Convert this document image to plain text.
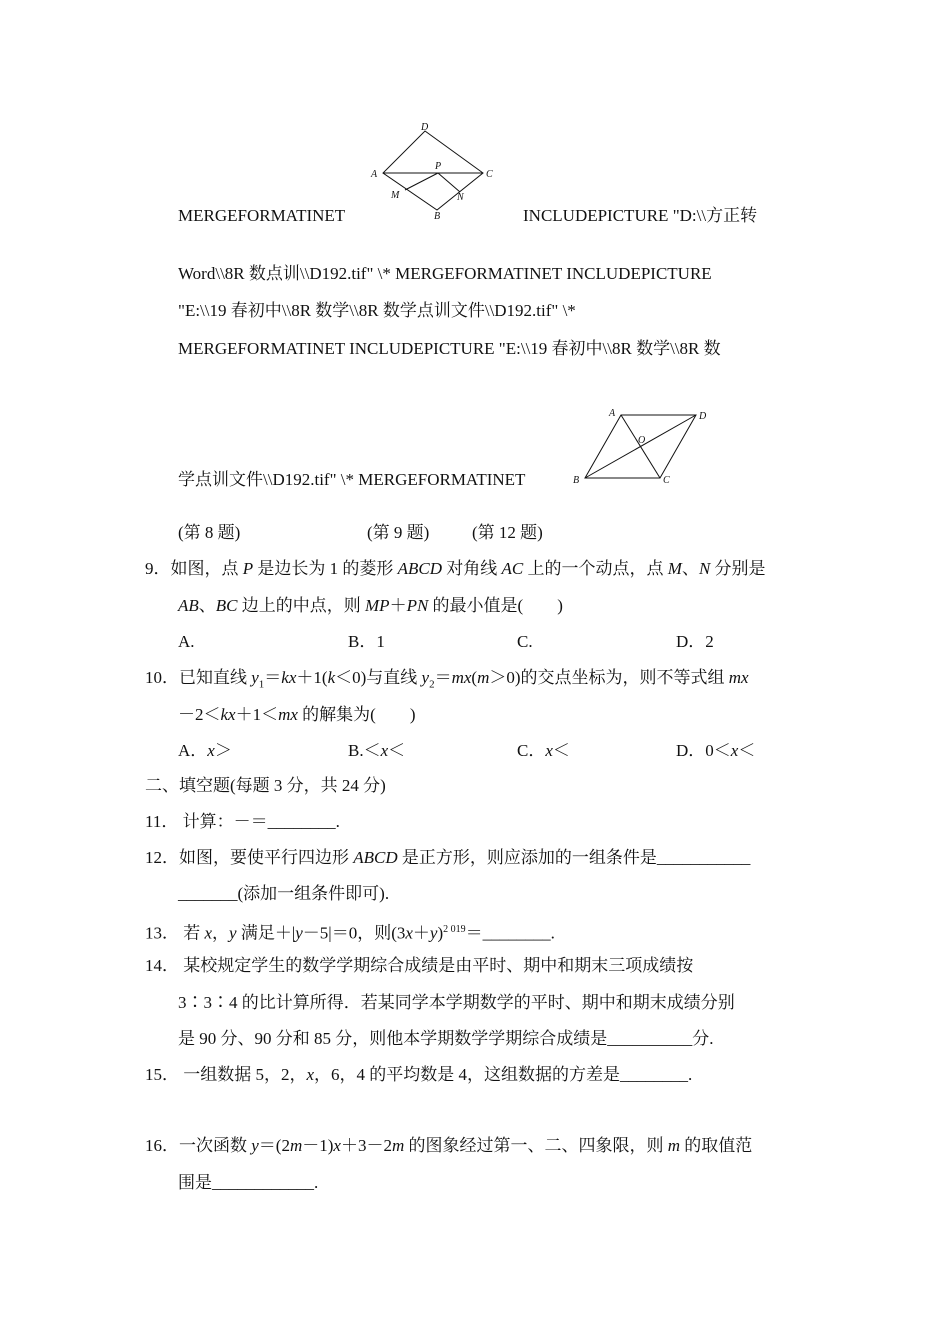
D
A	C
P
M	N
B
A	D
O
B	C
MERGEFORMATINET	INCLUDEPICTURE "D:\\方正转
Word\\8R 数点训\\D192.tif" \* MERGEFORMATINET INCLUDEPICTURE
"E:\\19 春初中\\8R 数学\\8R 数学点训文件\\D192.tif" \*
MERGEFORMATINET INCLUDEPICTURE "E:\\19 春初中\\8R 数学\\8R 数
学点训文件\\D192.tif" \* MERGEFORMATINET
(第 8 题)	(第 9 题)	(第 12 题)
9．如图，点 P 是边长为 1 的菱形 ABCD 对角线 AC 上的一个动点，点 M、N 分别是
AB、BC 边上的中点，则 MP＋PN 的最小值是(　　)
A.	B．1	C.	D．2
10．已知直线 $y_1=kx+1(k<0)$与直线 $y_2=mx(m>0)$的交点坐标为，则不等式组 mx
－2＜kx＋1＜mx 的解集为(　　)
A．x＞	B.＜x＜	C．x＜	D．0＜x＜
二、填空题(每题 3 分，共 24 分)
11． 计算：－＝________.
12．如图，要使平行四边形 ABCD 是正方形，则应添加的一组条件是___________
_______(添加一组条件即可).
13． 若 x，y 满足＋|y－5|＝0，则$(3x+y)^{2 019}=\_\_\_\_\_\_\_\_$.
14． 某校规定学生的数学学期综合成绩是由平时、期中和期末三项成绩按
3∶3∶4 的比计算所得．若某同学本学期数学的平时、期中和期末成绩分别
是 90 分、90 分和 85 分，则他本学期数学学期综合成绩是__________分.
15． 一组数据 5，2，x，6，4 的平均数是 4，这组数据的方差是________.
16．一次函数 y＝(2m－1)x＋3－2m 的图象经过第一、二、四象限，则 m 的取值范
围是____________.
